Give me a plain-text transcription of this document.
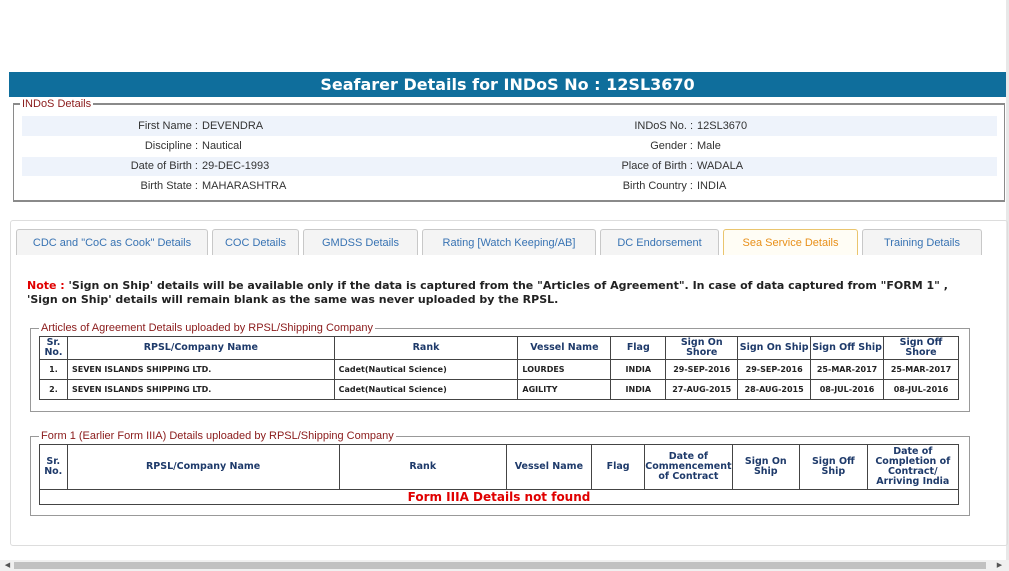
Seafarer Details for INDoS No : 12SL3670
INDoS Details
First Name :	DEVENDRA	INDoS No. :	12SL3670
Discipline :	Nautical	Gender :	Male
Date of Birth :	29-DEC-1993	Place of Birth :	WADALA
Birth State :	MAHARASHTRA	Birth Country :	INDIA
CDC and "CoC as Cook" Details	COC Details	GMDSS Details	Rating [Watch Keeping/AB]	DC Endorsement	Sea Service Details	Training Details
Note : 'Sign on Ship' details will be available only if the data is captured from the "Articles of Agreement". In case of data captured from "FORM 1" , 'Sign on Ship' details will remain blank as the same was never uploaded by the RPSL.
Articles of Agreement Details uploaded by RPSL/Shipping Company
Sr. No.	RPSL/Company Name	Rank	Vessel Name	Flag	Sign On Shore	Sign On Ship	Sign Off Ship	Sign Off Shore
1.	SEVEN ISLANDS SHIPPING LTD.	Cadet(Nautical Science)	LOURDES	INDIA	29-SEP-2016	29-SEP-2016	25-MAR-2017	25-MAR-2017
2.	SEVEN ISLANDS SHIPPING LTD.	Cadet(Nautical Science)	AGILITY	INDIA	27-AUG-2015	28-AUG-2015	08-JUL-2016	08-JUL-2016
Form 1 (Earlier Form IIIA) Details uploaded by RPSL/Shipping Company
Sr. No.	RPSL/Company Name	Rank	Vessel Name	Flag	Date of Commencement of Contract	Sign On Ship	Sign Off Ship	Date of Completion of Contract/ Arriving India
Form IIIA Details not found
◀	▶
